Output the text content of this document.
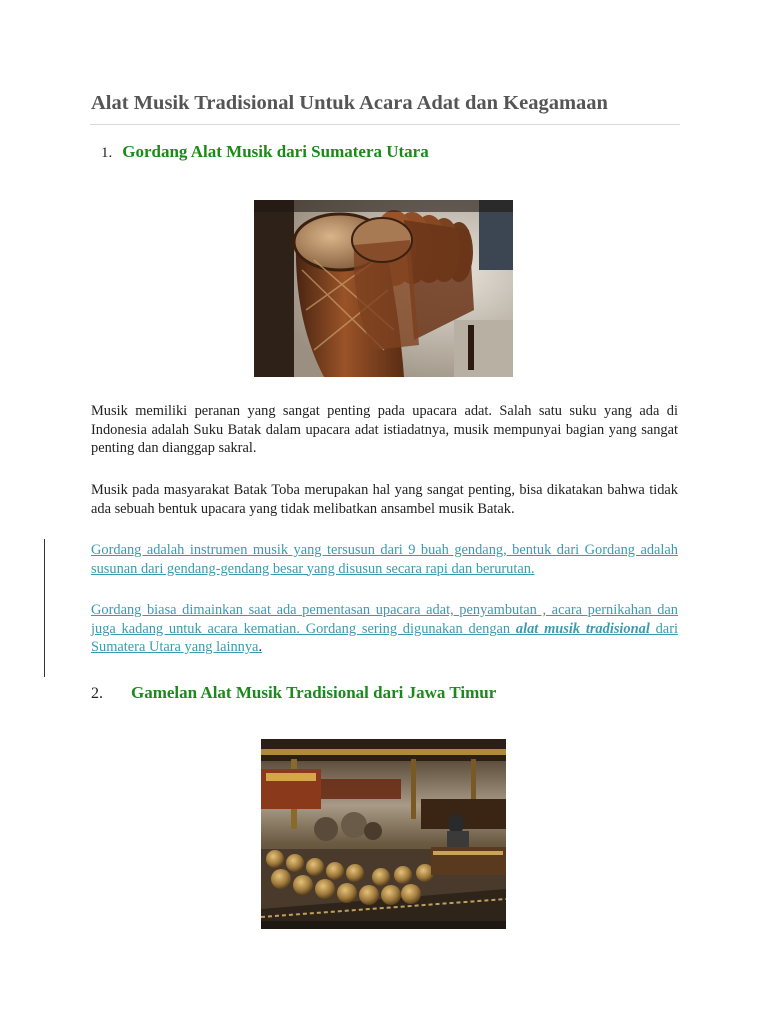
Alat Musik Tradisional Untuk Acara Adat dan Keagamaan
1. Gordang Alat Musik dari Sumatera Utara

Musik memiliki peranan yang sangat penting pada upacara adat. Salah satu suku yang ada di Indonesia adalah Suku Batak dalam upacara adat istiadatnya, musik mempunyai bagian yang sangat penting dan dianggap sakral.

Musik pada masyarakat Batak Toba merupakan hal yang sangat penting, bisa dikatakan bahwa tidak ada sebuah bentuk upacara yang tidak melibatkan ansambel musik Batak.

Gordang adalah instrumen musik yang tersusun dari 9 buah gendang, bentuk dari Gordang adalah susunan dari gendang-gendang besar yang disusun secara rapi dan berurutan.

Gordang biasa dimainkan saat ada pementasan upacara adat, penyambutan , acara pernikahan dan juga kadang untuk acara kematian. Gordang sering digunakan dengan alat musik tradisional dari Sumatera Utara yang lainnya.

2. Gamelan Alat Musik Tradisional dari Jawa Timur
